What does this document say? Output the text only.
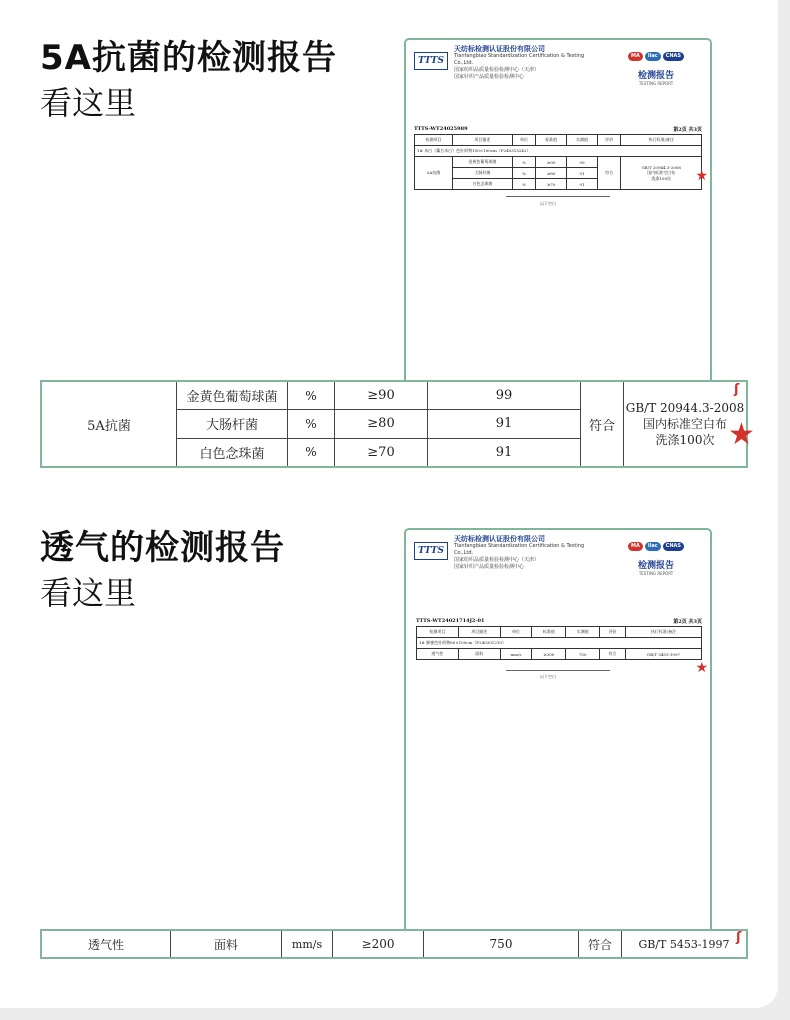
5A抗菌的检测报告
看这里
TTTS
天纺标检测认证股份有限公司
Tianfangbiao Standardization Certification & Testing Co.,Ltd.
国家纺织品质量检验检测中心（天津）
国家针织产品质量检验检测中心
MA ilac CNAS
检测报告
TESTING REPORT
TTTS-WT24025989	第2页 共3页
检测项目	项目描述	单位	标准值	实测值	评价	执行标准/备注
1# 米白（藕合米白）色针织物100×100cm（F240315242）						
5A抗菌	金黄色葡萄球菌	%	≥90	99	符合	GB/T 20944.3-2008
国内标准空白布
洗涤100次
	大肠杆菌	%	≥80	91		
	白色念珠菌	%	≥70	91		
以下空白
★
5A抗菌	金黄色葡萄球菌	%	≥90	99	符合	GB/T 20944.3-2008
国内标准空白布
洗涤100次
	大肠杆菌	%	≥80	91		
	白色念珠菌	%	≥70	91		
★
ʃ
透气的检测报告
看这里
TTTS
天纺标检测认证股份有限公司
Tianfangbiao Standardization Certification & Testing Co.,Ltd.
国家纺织品质量检验检测中心（天津）
国家针织产品质量检验检测中心
MA ilac CNAS
检测报告
TESTING REPORT
TTTS-WT24021714J2-01	第2页 共3页
检测项目	项目描述	单位	标准值	实测值	评价	执行标准/备注
1# 蜂蜜色针织物80×100cm（F240301210）						
透气性	面料	mm/s	≥200	750	符合	GB/T 5453-1997
以下空白
★
透气性	面料	mm/s	≥200	750	符合	GB/T 5453-1997 ʃ
